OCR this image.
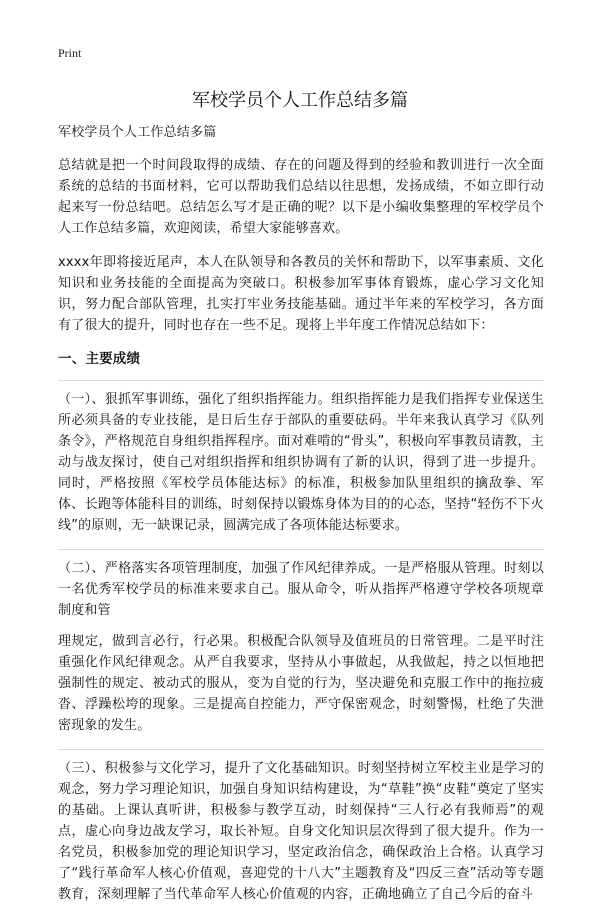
Print
军校学员个人工作总结多篇

军校学员个人工作总结多篇

总结就是把一个时间段取得的成绩、存在的问题及得到的经验和教训进行一次全面系统的总结的书面材料，它可以帮助我们总结以往思想，发扬成绩，不如立即行动起来写一份总结吧。总结怎么写才是正确的呢？以下是小编收集整理的军校学员个人工作总结多篇，欢迎阅读，希望大家能够喜欢。

xxxx年即将接近尾声，本人在队领导和各教员的关怀和帮助下，以军事素质、文化知识和业务技能的全面提高为突破口。积极参加军事体育锻炼，虚心学习文化知识，努力配合部队管理，扎实打牢业务技能基础。通过半年来的军校学习，各方面有了很大的提升，同时也存在一些不足。现将上半年度工作情况总结如下：

一、主要成绩

（一）、狠抓军事训练，强化了组织指挥能力。组织指挥能力是我们指挥专业保送生所必须具备的专业技能，是日后生存于部队的重要砝码。半年来我认真学习《队列条令》，严格规范自身组织指挥程序。面对难啃的“骨头”，积极向军事教员请教，主动与战友探讨，使自己对组织指挥和组织协调有了新的认识，得到了进一步提升。同时，严格按照《军校学员体能达标》的标准，积极参加队里组织的擒敌拳、军体、长跑等体能科目的训练，时刻保持以锻炼身体为目的的心态，坚持“轻伤不下火线”的原则，无一缺课记录，圆满完成了各项体能达标要求。

（二）、严格落实各项管理制度，加强了作风纪律养成。一是严格服从管理。时刻以一名优秀军校学员的标准来要求自己。服从命令，听从指挥严格遵守学校各项规章制度和管

理规定，做到言必行，行必果。积极配合队领导及值班员的日常管理。二是平时注重强化作风纪律观念。从严自我要求，坚持从小事做起，从我做起，持之以恒地把强制性的规定、被动式的服从，变为自觉的行为，坚决避免和克服工作中的拖拉疲沓、浮躁松垮的现象。三是提高自控能力，严守保密观念，时刻警惕，杜绝了失泄密现象的发生。

（三）、积极参与文化学习，提升了文化基础知识。时刻坚持树立军校主业是学习的观念，努力学习理论知识，加强自身知识结构建设，为“草鞋”换“皮鞋”奠定了坚实的基础。上课认真听讲，积极参与教学互动，时刻保持“三人行必有我师焉”的观点，虚心向身边战友学习，取长补短。自身文化知识层次得到了很大提升。作为一名党员，积极参加党的理论知识学习，坚定政治信念，确保政治上合格。认真学习了“践行革命军人核心价值观，喜迎党的十八大”主题教育及“四反三查”活动等专题教育，深刻理解了当代革命军人核心价值观的内容，正确地确立了自己今后的奋斗
